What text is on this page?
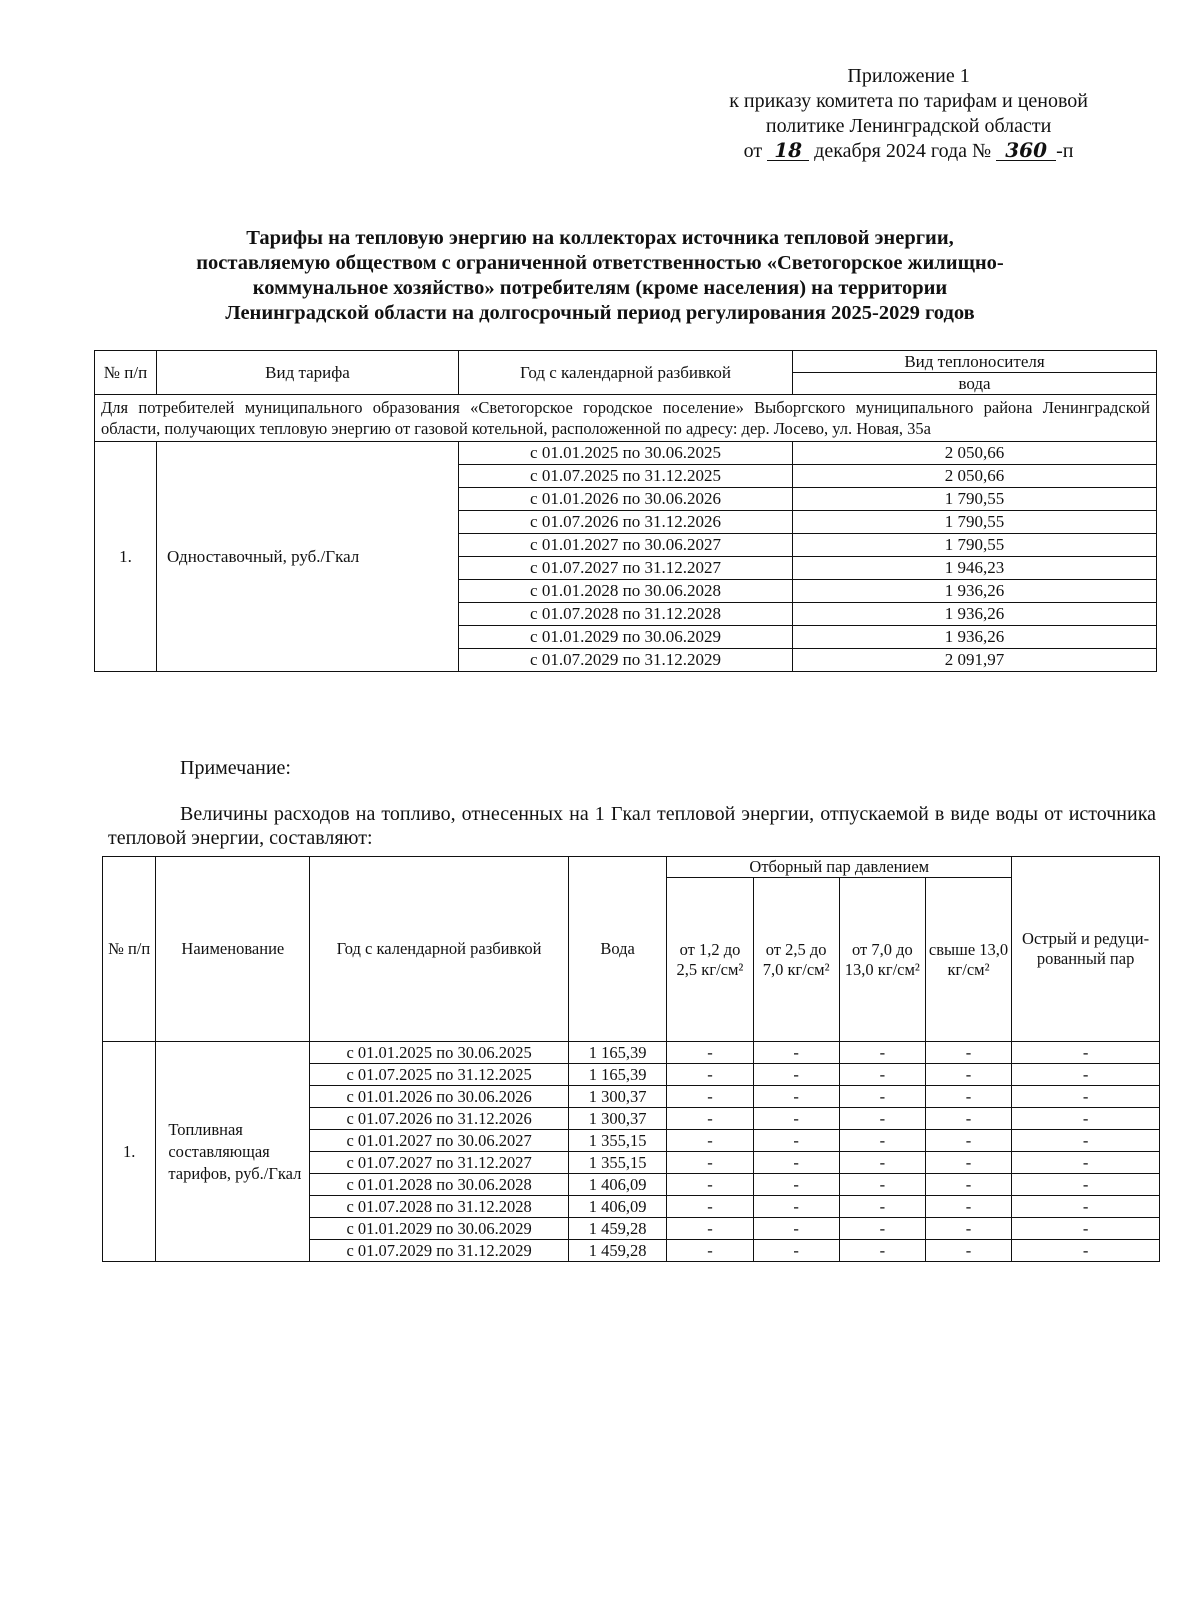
Приложение 1
к приказу комитета по тарифам и ценовой
политике Ленинградской области
от 18 декабря 2024 года № 360 -п
Тарифы на тепловую энергию на коллекторах источника тепловой энергии,
поставляемую обществом с ограниченной ответственностью «Светогорское жилищно-
коммунальное хозяйство» потребителям (кроме населения) на территории
Ленинградской области на долгосрочный период регулирования 2025-2029 годов
№ п/п	Вид тарифа	Год с календарной разбивкой	Вид теплоносителя
			вода
Для потребителей муниципального образования «Светогорское городское поселение» Выборгского муниципального района Ленинградской области, получающих тепловую энергию от газовой котельной, расположенной по адресу: дер. Лосево, ул. Новая, 35а			
1.	Одноставочный, руб./Гкал	с 01.01.2025 по 30.06.2025	2 050,66
		с 01.07.2025 по 31.12.2025	2 050,66
		с 01.01.2026 по 30.06.2026	1 790,55
		с 01.07.2026 по 31.12.2026	1 790,55
		с 01.01.2027 по 30.06.2027	1 790,55
		с 01.07.2027 по 31.12.2027	1 946,23
		с 01.01.2028 по 30.06.2028	1 936,26
		с 01.07.2028 по 31.12.2028	1 936,26
		с 01.01.2029 по 30.06.2029	1 936,26
		с 01.07.2029 по 31.12.2029	2 091,97
Примечание:
Величины расходов на топливо, отнесенных на 1 Гкал тепловой энергии, отпускаемой в виде воды от источника тепловой энергии, составляют:
№ п/п	Наименование	Год с календарной разбивкой	Вода	Отборный пар давлением				Острый и редуци-рованный пар
				от 1,2 до 2,5 кг/см²	от 2,5 до 7,0 кг/см²	от 7,0 до 13,0 кг/см²	свыше 13,0 кг/см²	
1.	Топливная составляющая тарифов, руб./Гкал	с 01.01.2025 по 30.06.2025	1 165,39	-	-	-	-	-
		с 01.07.2025 по 31.12.2025	1 165,39	-	-	-	-	-
		с 01.01.2026 по 30.06.2026	1 300,37	-	-	-	-	-
		с 01.07.2026 по 31.12.2026	1 300,37	-	-	-	-	-
		с 01.01.2027 по 30.06.2027	1 355,15	-	-	-	-	-
		с 01.07.2027 по 31.12.2027	1 355,15	-	-	-	-	-
		с 01.01.2028 по 30.06.2028	1 406,09	-	-	-	-	-
		с 01.07.2028 по 31.12.2028	1 406,09	-	-	-	-	-
		с 01.01.2029 по 30.06.2029	1 459,28	-	-	-	-	-
		с 01.07.2029 по 31.12.2029	1 459,28	-	-	-	-	-
